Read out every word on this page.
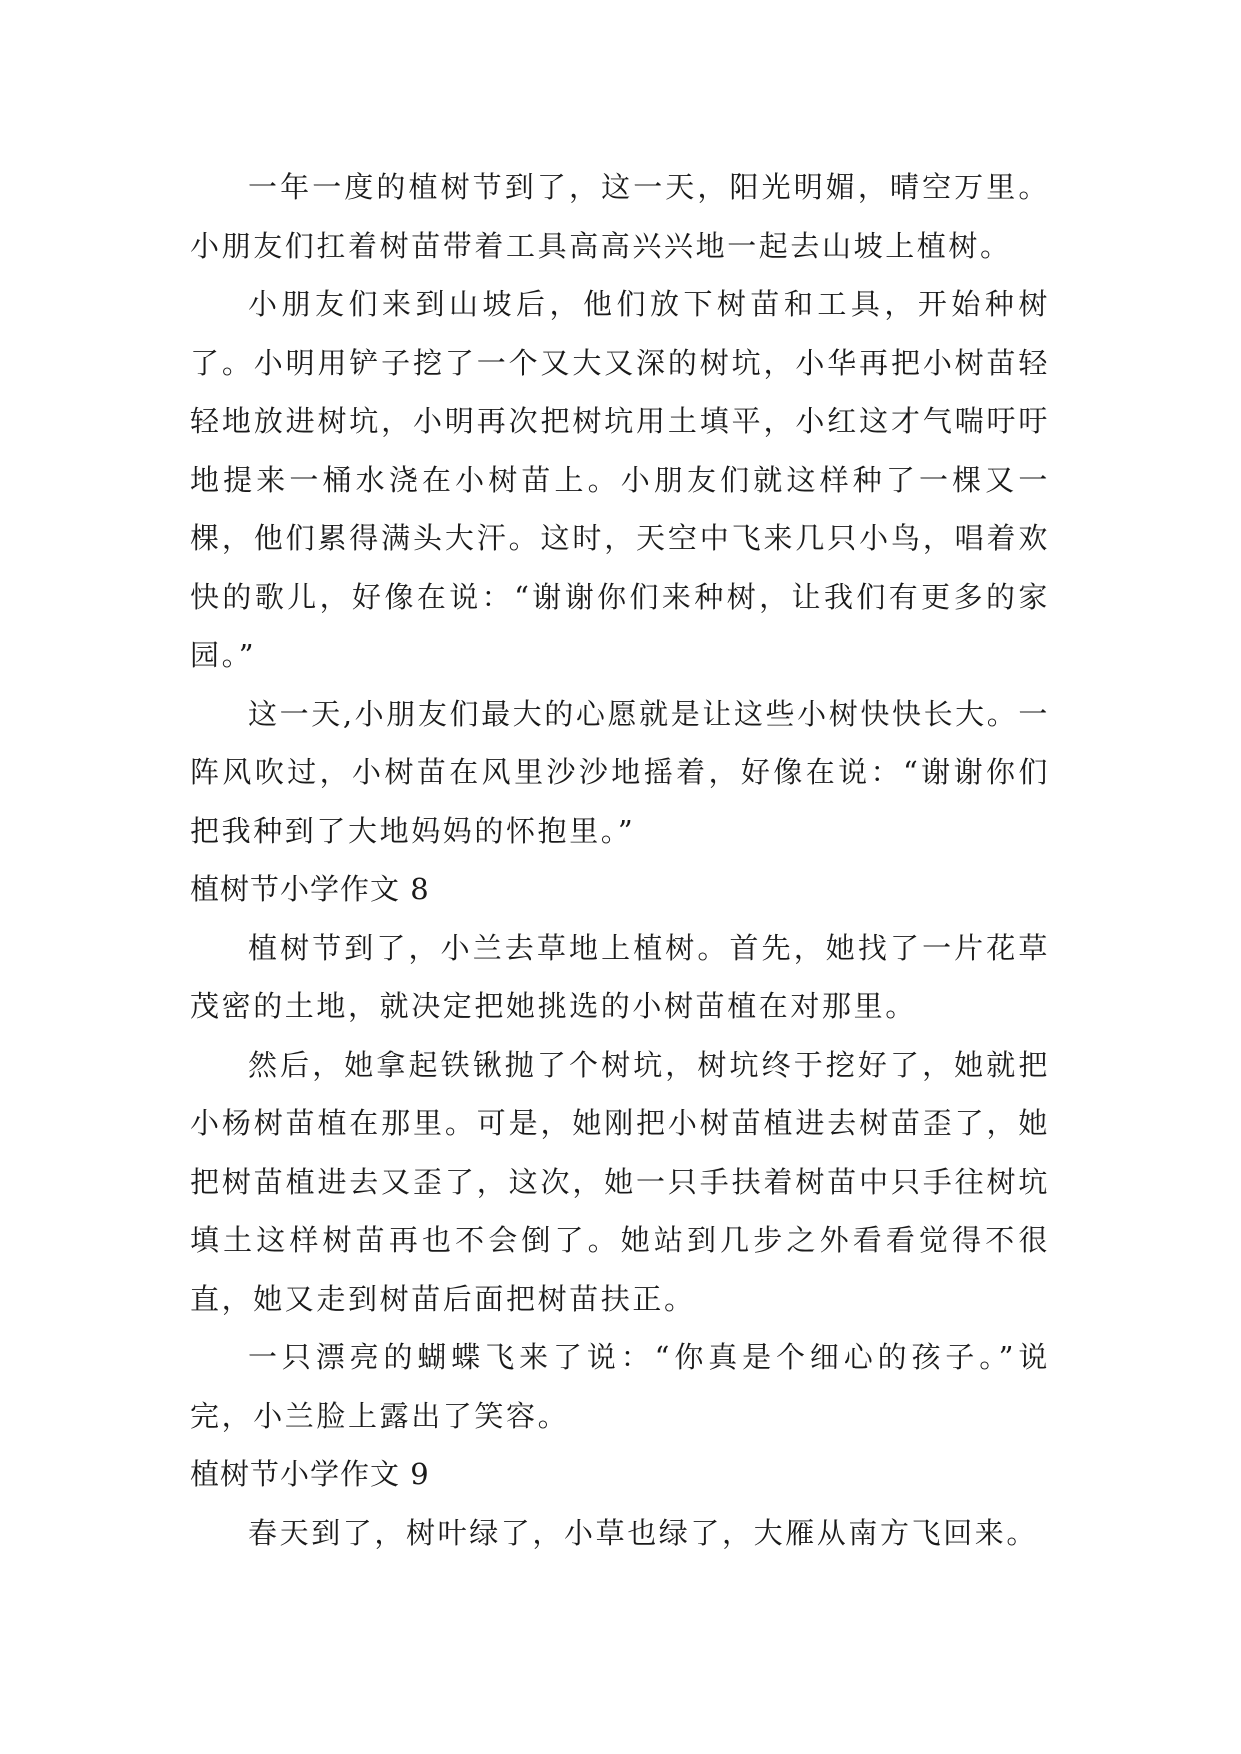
一年一度的植树节到了，这一天，阳光明媚，晴空万里。小朋友们扛着树苗带着工具高高兴兴地一起去山坡上植树。

小朋友们来到山坡后，他们放下树苗和工具，开始种树了。小明用铲子挖了一个又大又深的树坑，小华再把小树苗轻轻地放进树坑，小明再次把树坑用土填平，小红这才气喘吁吁地提来一桶水浇在小树苗上。小朋友们就这样种了一棵又一棵，他们累得满头大汗。这时，天空中飞来几只小鸟，唱着欢快的歌儿，好像在说：“谢谢你们来种树，让我们有更多的家园。”

这一天,小朋友们最大的心愿就是让这些小树快快长大。一阵风吹过，小树苗在风里沙沙地摇着，好像在说：“谢谢你们把我种到了大地妈妈的怀抱里。”

植树节小学作文 8

植树节到了，小兰去草地上植树。首先，她找了一片花草茂密的土地，就决定把她挑选的小树苗植在对那里。

然后，她拿起铁锹抛了个树坑，树坑终于挖好了，她就把小杨树苗植在那里。可是，她刚把小树苗植进去树苗歪了，她把树苗植进去又歪了，这次，她一只手扶着树苗中只手往树坑填土这样树苗再也不会倒了。她站到几步之外看看觉得不很直，她又走到树苗后面把树苗扶正。

一只漂亮的蝴蝶飞来了说：“你真是个细心的孩子。”说完，小兰脸上露出了笑容。

植树节小学作文 9

春天到了，树叶绿了，小草也绿了，大雁从南方飞回来。
